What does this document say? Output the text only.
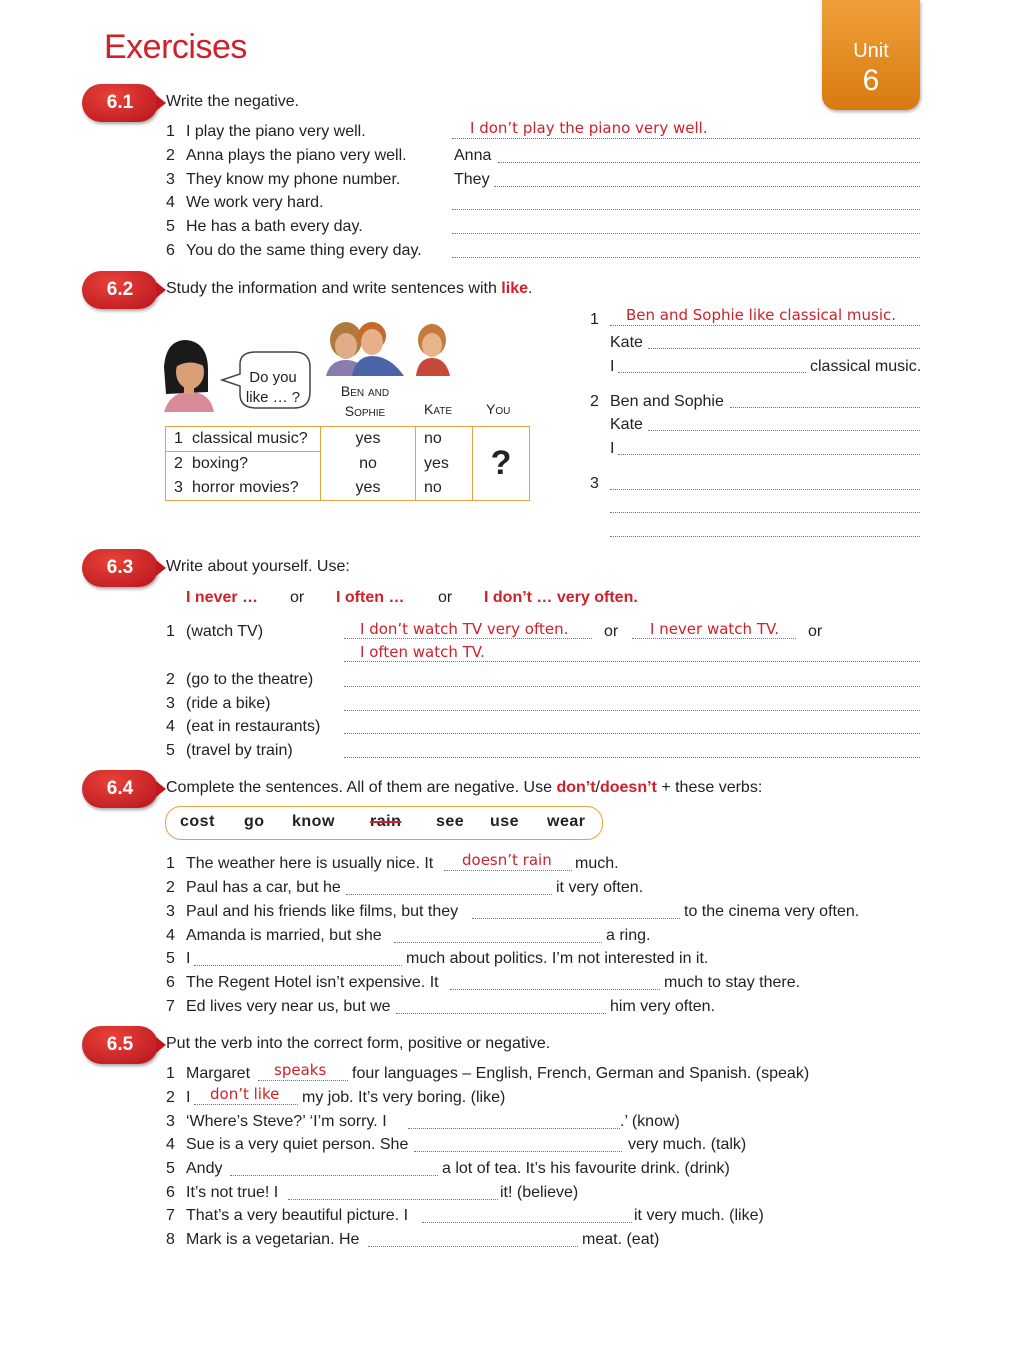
Exercises	Unit
6
6.1	Write the negative.
1 I play the piano very well.	I don’t play the piano very well.
2 Anna plays the piano very well.	Anna
3 They know my phone number.	They
4 We work very hard.
5 He has a bath every day.
6 You do the same thing every day.
6.2	Study the information and write sentences with like.
Do you like … ?	Ben and Sophie	Kate You
1 classical music?	yes	no	?
2 boxing?	no	yes	
3 horror movies?	yes	no	
1 Ben and Sophie like classical music.
Kate
I	classical music.
2 Ben and Sophie
Kate
I
3
6.3	Write about yourself. Use:
I never … or I often … or I don’t … very often.
1 (watch TV)	I don’t watch TV very often. or I never watch TV. or
I often watch TV.
2 (go to the theatre)
3 (ride a bike)
4 (eat in restaurants)
5 (travel by train)
6.4	Complete the sentences. All of them are negative. Use don’t/doesn’t + these verbs:
cost go know rain see use wear
1 The weather here is usually nice. It doesn’t rain much.
2 Paul has a car, but he	it very often.
3 Paul and his friends like films, but they	to the cinema very often.
4 Amanda is married, but she	a ring.
5 I	much about politics. I’m not interested in it.
6 The Regent Hotel isn’t expensive. It	much to stay there.
7 Ed lives very near us, but we	him very often.
6.5	Put the verb into the correct form, positive or negative.
1 Margaret speaks four languages – English, French, German and Spanish. (speak)
2 I don’t like my job. It’s very boring. (like)
3 ‘Where’s Steve?’ ‘I’m sorry. I	.’ (know)
4 Sue is a very quiet person. She	very much. (talk)
5 Andy	a lot of tea. It’s his favourite drink. (drink)
6 It’s not true! I	it! (believe)
7 That’s a very beautiful picture. I	it very much. (like)
8 Mark is a vegetarian. He	meat. (eat)
